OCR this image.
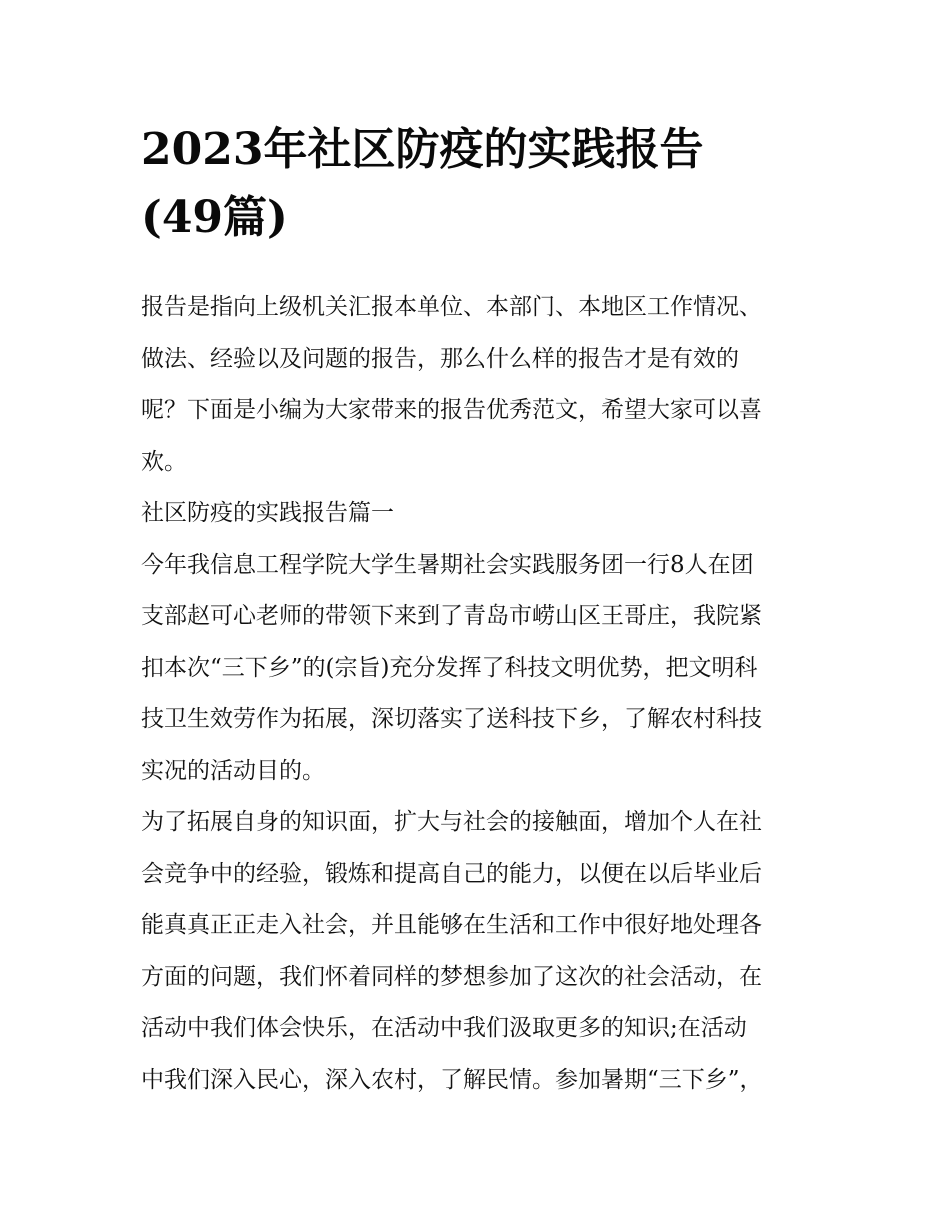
2023年社区防疫的实践报告
(49篇)

报告是指向上级机关汇报本单位、本部门、本地区工作情况、
做法、经验以及问题的报告，那么什么样的报告才是有效的
呢？下面是小编为大家带来的报告优秀范文，希望大家可以喜
欢。

社区防疫的实践报告篇一

今年我信息工程学院大学生暑期社会实践服务团一行8人在团
支部赵可心老师的带领下来到了青岛市崂山区王哥庄，我院紧
扣本次“三下乡”的(宗旨)充分发挥了科技文明优势，把文明科
技卫生效劳作为拓展，深切落实了送科技下乡，了解农村科技
实况的活动目的。

为了拓展自身的知识面，扩大与社会的接触面，增加个人在社
会竞争中的经验，锻炼和提高自己的能力，以便在以后毕业后
能真真正正走入社会，并且能够在生活和工作中很好地处理各
方面的问题，我们怀着同样的梦想参加了这次的社会活动，在
活动中我们体会快乐，在活动中我们汲取更多的知识;在活动
中我们深入民心，深入农村，了解民情。参加暑期“三下乡”，
